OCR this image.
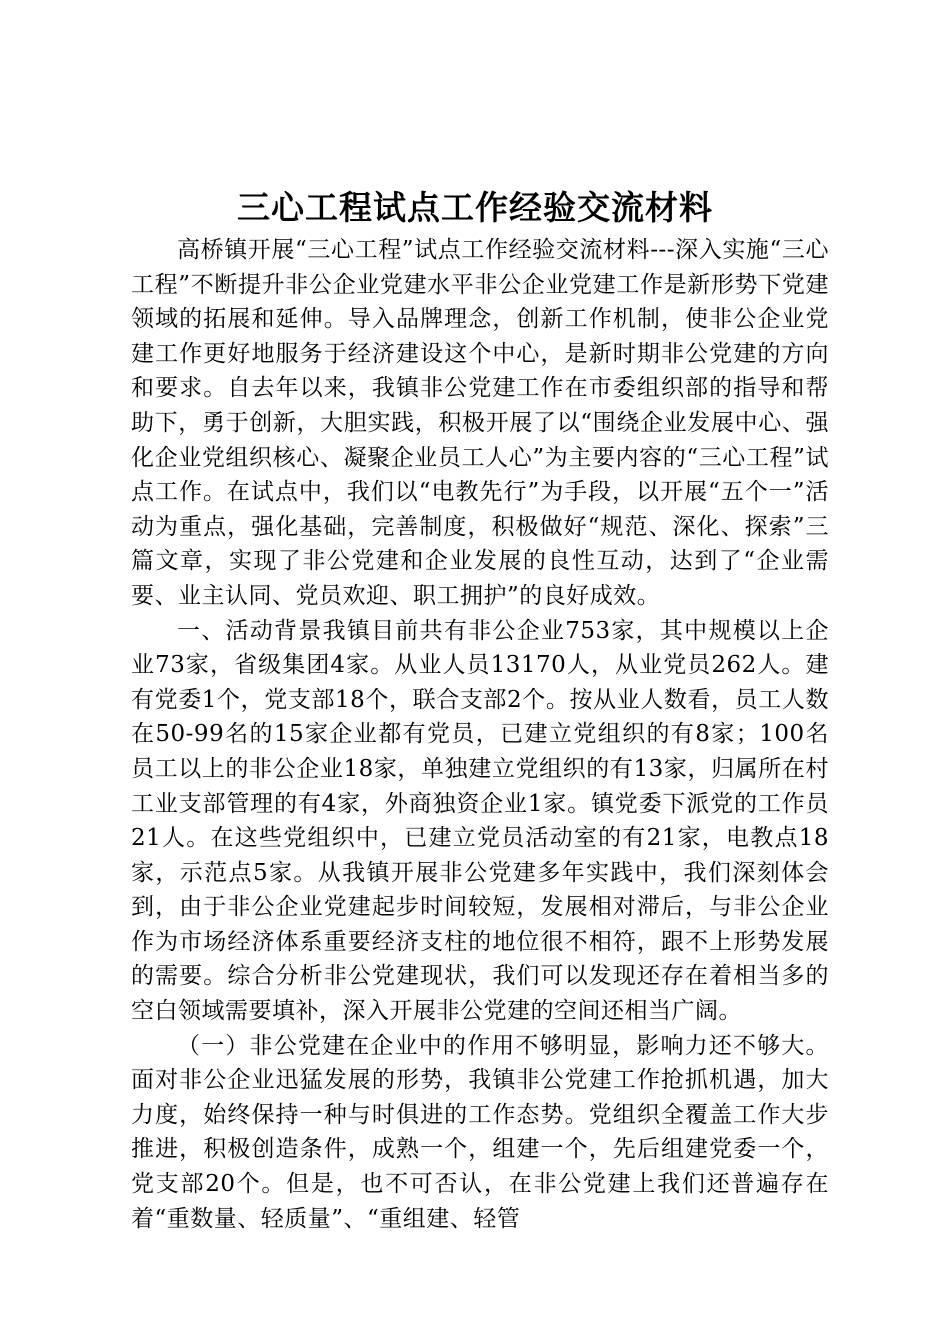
三心工程试点工作经验交流材料

高桥镇开展“三心工程”试点工作经验交流材料---深入实施“三心工程”不断提升非公企业党建水平非公企业党建工作是新形势下党建领域的拓展和延伸。导入品牌理念，创新工作机制，使非公企业党建工作更好地服务于经济建设这个中心，是新时期非公党建的方向和要求。自去年以来，我镇非公党建工作在市委组织部的指导和帮助下，勇于创新，大胆实践，积极开展了以“围绕企业发展中心、强化企业党组织核心、凝聚企业员工人心”为主要内容的“三心工程”试点工作。在试点中，我们以“电教先行”为手段，以开展“五个一”活动为重点，强化基础，完善制度，积极做好“规范、深化、探索”三篇文章，实现了非公党建和企业发展的良性互动，达到了“企业需要、业主认同、党员欢迎、职工拥护”的良好成效。

一、活动背景我镇目前共有非公企业753家，其中规模以上企业73家，省级集团4家。从业人员13170人，从业党员262人。建有党委1个，党支部18个，联合支部2个。按从业人数看，员工人数在50-99名的15家企业都有党员，已建立党组织的有8家；100名员工以上的非公企业18家，单独建立党组织的有13家，归属所在村工业支部管理的有4家，外商独资企业1家。镇党委下派党的工作员21人。在这些党组织中，已建立党员活动室的有21家，电教点18家，示范点5家。从我镇开展非公党建多年实践中，我们深刻体会到，由于非公企业党建起步时间较短，发展相对滞后，与非公企业作为市场经济体系重要经济支柱的地位很不相符，跟不上形势发展的需要。综合分析非公党建现状，我们可以发现还存在着相当多的空白领域需要填补，深入开展非公党建的空间还相当广阔。

（一）非公党建在企业中的作用不够明显，影响力还不够大。面对非公企业迅猛发展的形势，我镇非公党建工作抢抓机遇，加大力度，始终保持一种与时俱进的工作态势。党组织全覆盖工作大步推进，积极创造条件，成熟一个，组建一个，先后组建党委一个，党支部20个。但是，也不可否认，在非公党建上我们还普遍存在着“重数量、轻质量”、“重组建、轻管
